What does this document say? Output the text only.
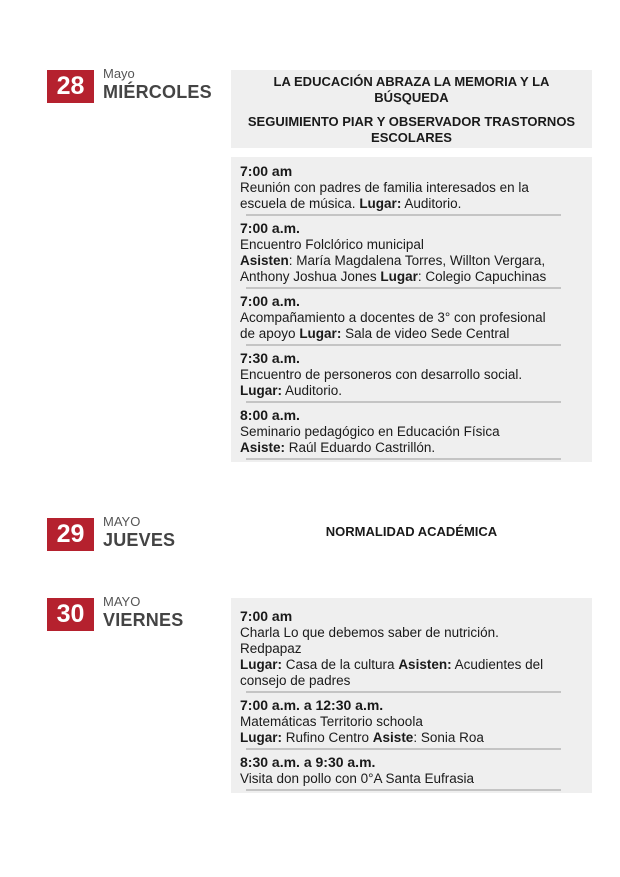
28	Mayo
MIÉRCOLES

LA EDUCACIÓN ABRAZA LA MEMORIA Y LA BÚSQUEDA

SEGUIMIENTO PIAR Y OBSERVADOR TRASTORNOS ESCOLARES

7:00 am
Reunión con padres de familia interesados en la
escuela de música. Lugar: Auditorio.
7:00 a.m.
Encuentro Folclórico municipal
Asisten: María Magdalena Torres, Willton Vergara,
Anthony Joshua Jones Lugar: Colegio Capuchinas
7:00 a.m.
Acompañamiento a docentes de 3° con profesional
de apoyo Lugar: Sala de video Sede Central
7:30 a.m.
Encuentro de personeros con desarrollo social.
Lugar: Auditorio.
8:00 a.m.
Seminario pedagógico en Educación Física
Asiste: Raúl Eduardo Castrillón.
29	MAYO
JUEVES	NORMALIDAD ACADÉMICA
30	MAYO
VIERNES	7:00 am
Charla Lo que debemos saber de nutrición.
Redpapaz
Lugar: Casa de la cultura Asisten: Acudientes del
consejo de padres
7:00 a.m. a 12:30 a.m.
Matemáticas Territorio schoola
Lugar: Rufino Centro Asiste: Sonia Roa
8:30 a.m. a 9:30 a.m.
Visita don pollo con 0°A Santa Eufrasia
